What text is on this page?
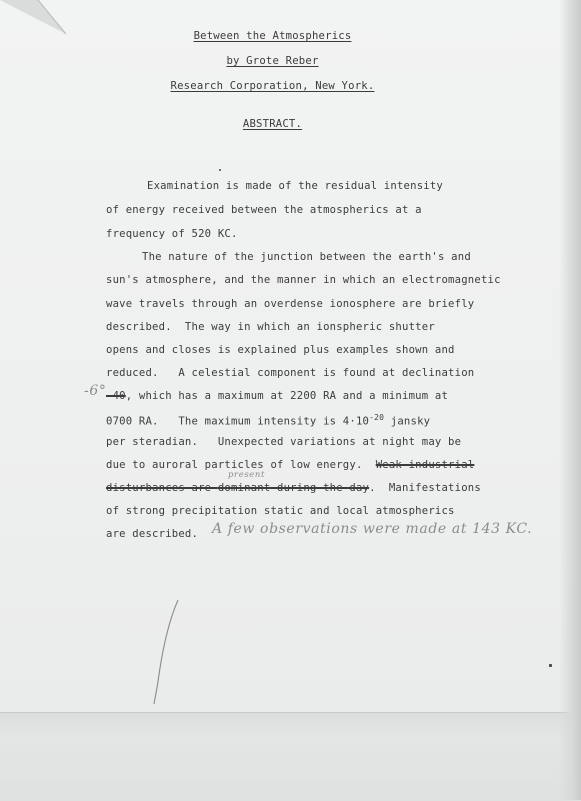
Between the Atmospherics
by Grote Reber
Research Corporation, New York.
ABSTRACT.
Examination is made of the residual intensity
of energy received between the atmospherics at a
frequency of 520 KC.
The nature of the junction between the earth's and
sun's atmosphere, and the manner in which an electromagnetic
wave travels through an overdense ionosphere are briefly
described.  The way in which an ionspheric shutter
opens and closes is explained plus examples shown and
reduced.   A celestial component is found at declination
-6° -40, which has a maximum at 2200 RA and a minimum at
0700 RA.   The maximum intensity is $4\cdot 10^{-20}$ jansky
per steradian.   Unexpected variations at night may be
due to auroral particles of low energy.  Weak industrial
present
disturbances are dominant during the day.  Manifestations
of strong precipitation static and local atmospherics
are described. A few observations were made at 143 KC.
